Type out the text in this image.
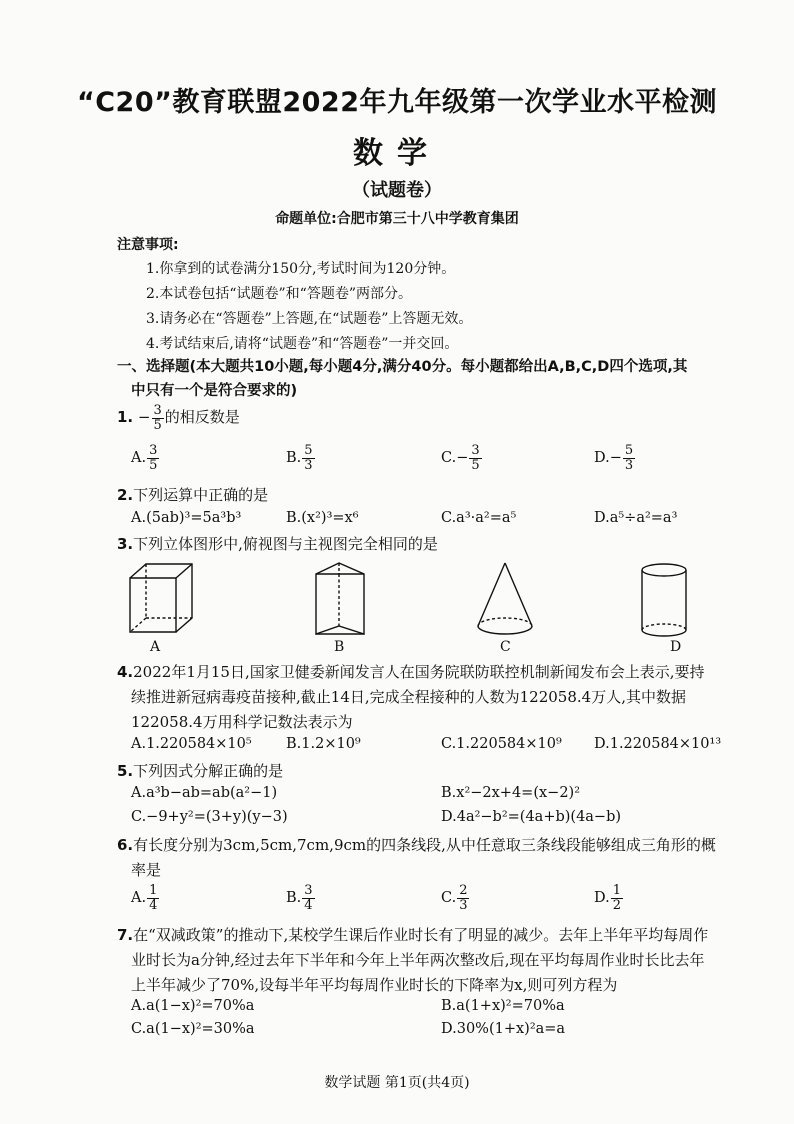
“C20”教育联盟2022年九年级第一次学业水平检测
数学
（试题卷）
命题单位:合肥市第三十八中学教育集团
注意事项:
1.你拿到的试卷满分150分,考试时间为120分钟。
2.本试卷包括“试题卷”和“答题卷”两部分。
3.请务必在“答题卷”上答题,在“试题卷”上答题无效。
4.考试结束后,请将“试题卷”和“答题卷”一并交回。
一、选择题(本大题共10小题,每小题4分,满分40分。每小题都给出A,B,C,D四个选项,其
中只有一个是符合要求的)
1. − $\frac{3}{5}$ 的相反数是
A. $\frac{3}{5}$	B. $\frac{5}{3}$	$C.- \frac{3}{5}$	$D.- \frac{5}{3}$
2.下列运算中正确的是
A.(5ab)³=5a³b³	B.(x²)³=x⁶	C.a³·a²=a⁵	D.a⁵÷a²=a³
3.下列立体图形中,俯视图与主视图完全相同的是
A	B	C	D
4.2022年1月15日,国家卫健委新闻发言人在国务院联防联控机制新闻发布会上表示,要持
续推进新冠病毒疫苗接种,截止14日,完成全程接种的人数为122058.4万人,其中数据
122058.4万用科学记数法表示为
A.1.220584×10⁵ B.1.2×10⁹	C.1.220584×10⁹ D.1.220584×10¹³
5.下列因式分解正确的是
A.a³b−ab=ab(a²−1)	B.x²−2x+4=(x−2)²
C.−9+y²=(3+y)(y−3)	D.4a²−b²=(4a+b)(4a−b)
6.有长度分别为3cm,5cm,7cm,9cm的四条线段,从中任意取三条线段能够组成三角形的概
率是
A. $\frac{1}{4}$	B. $\frac{3}{4}$	C. $\frac{2}{3}$	D. $\frac{1}{2}$
7.在“双减政策”的推动下,某校学生课后作业时长有了明显的减少。去年上半年平均每周作
业时长为a分钟,经过去年下半年和今年上半年两次整改后,现在平均每周作业时长比去年
上半年减少了70%,设每半年平均每周作业时长的下降率为x,则可列方程为
A.a(1−x)²=70%a	B.a(1+x)²=70%a
C.a(1−x)²=30%a	D.30%(1+x)²a=a
数学试题 第1页(共4页)
